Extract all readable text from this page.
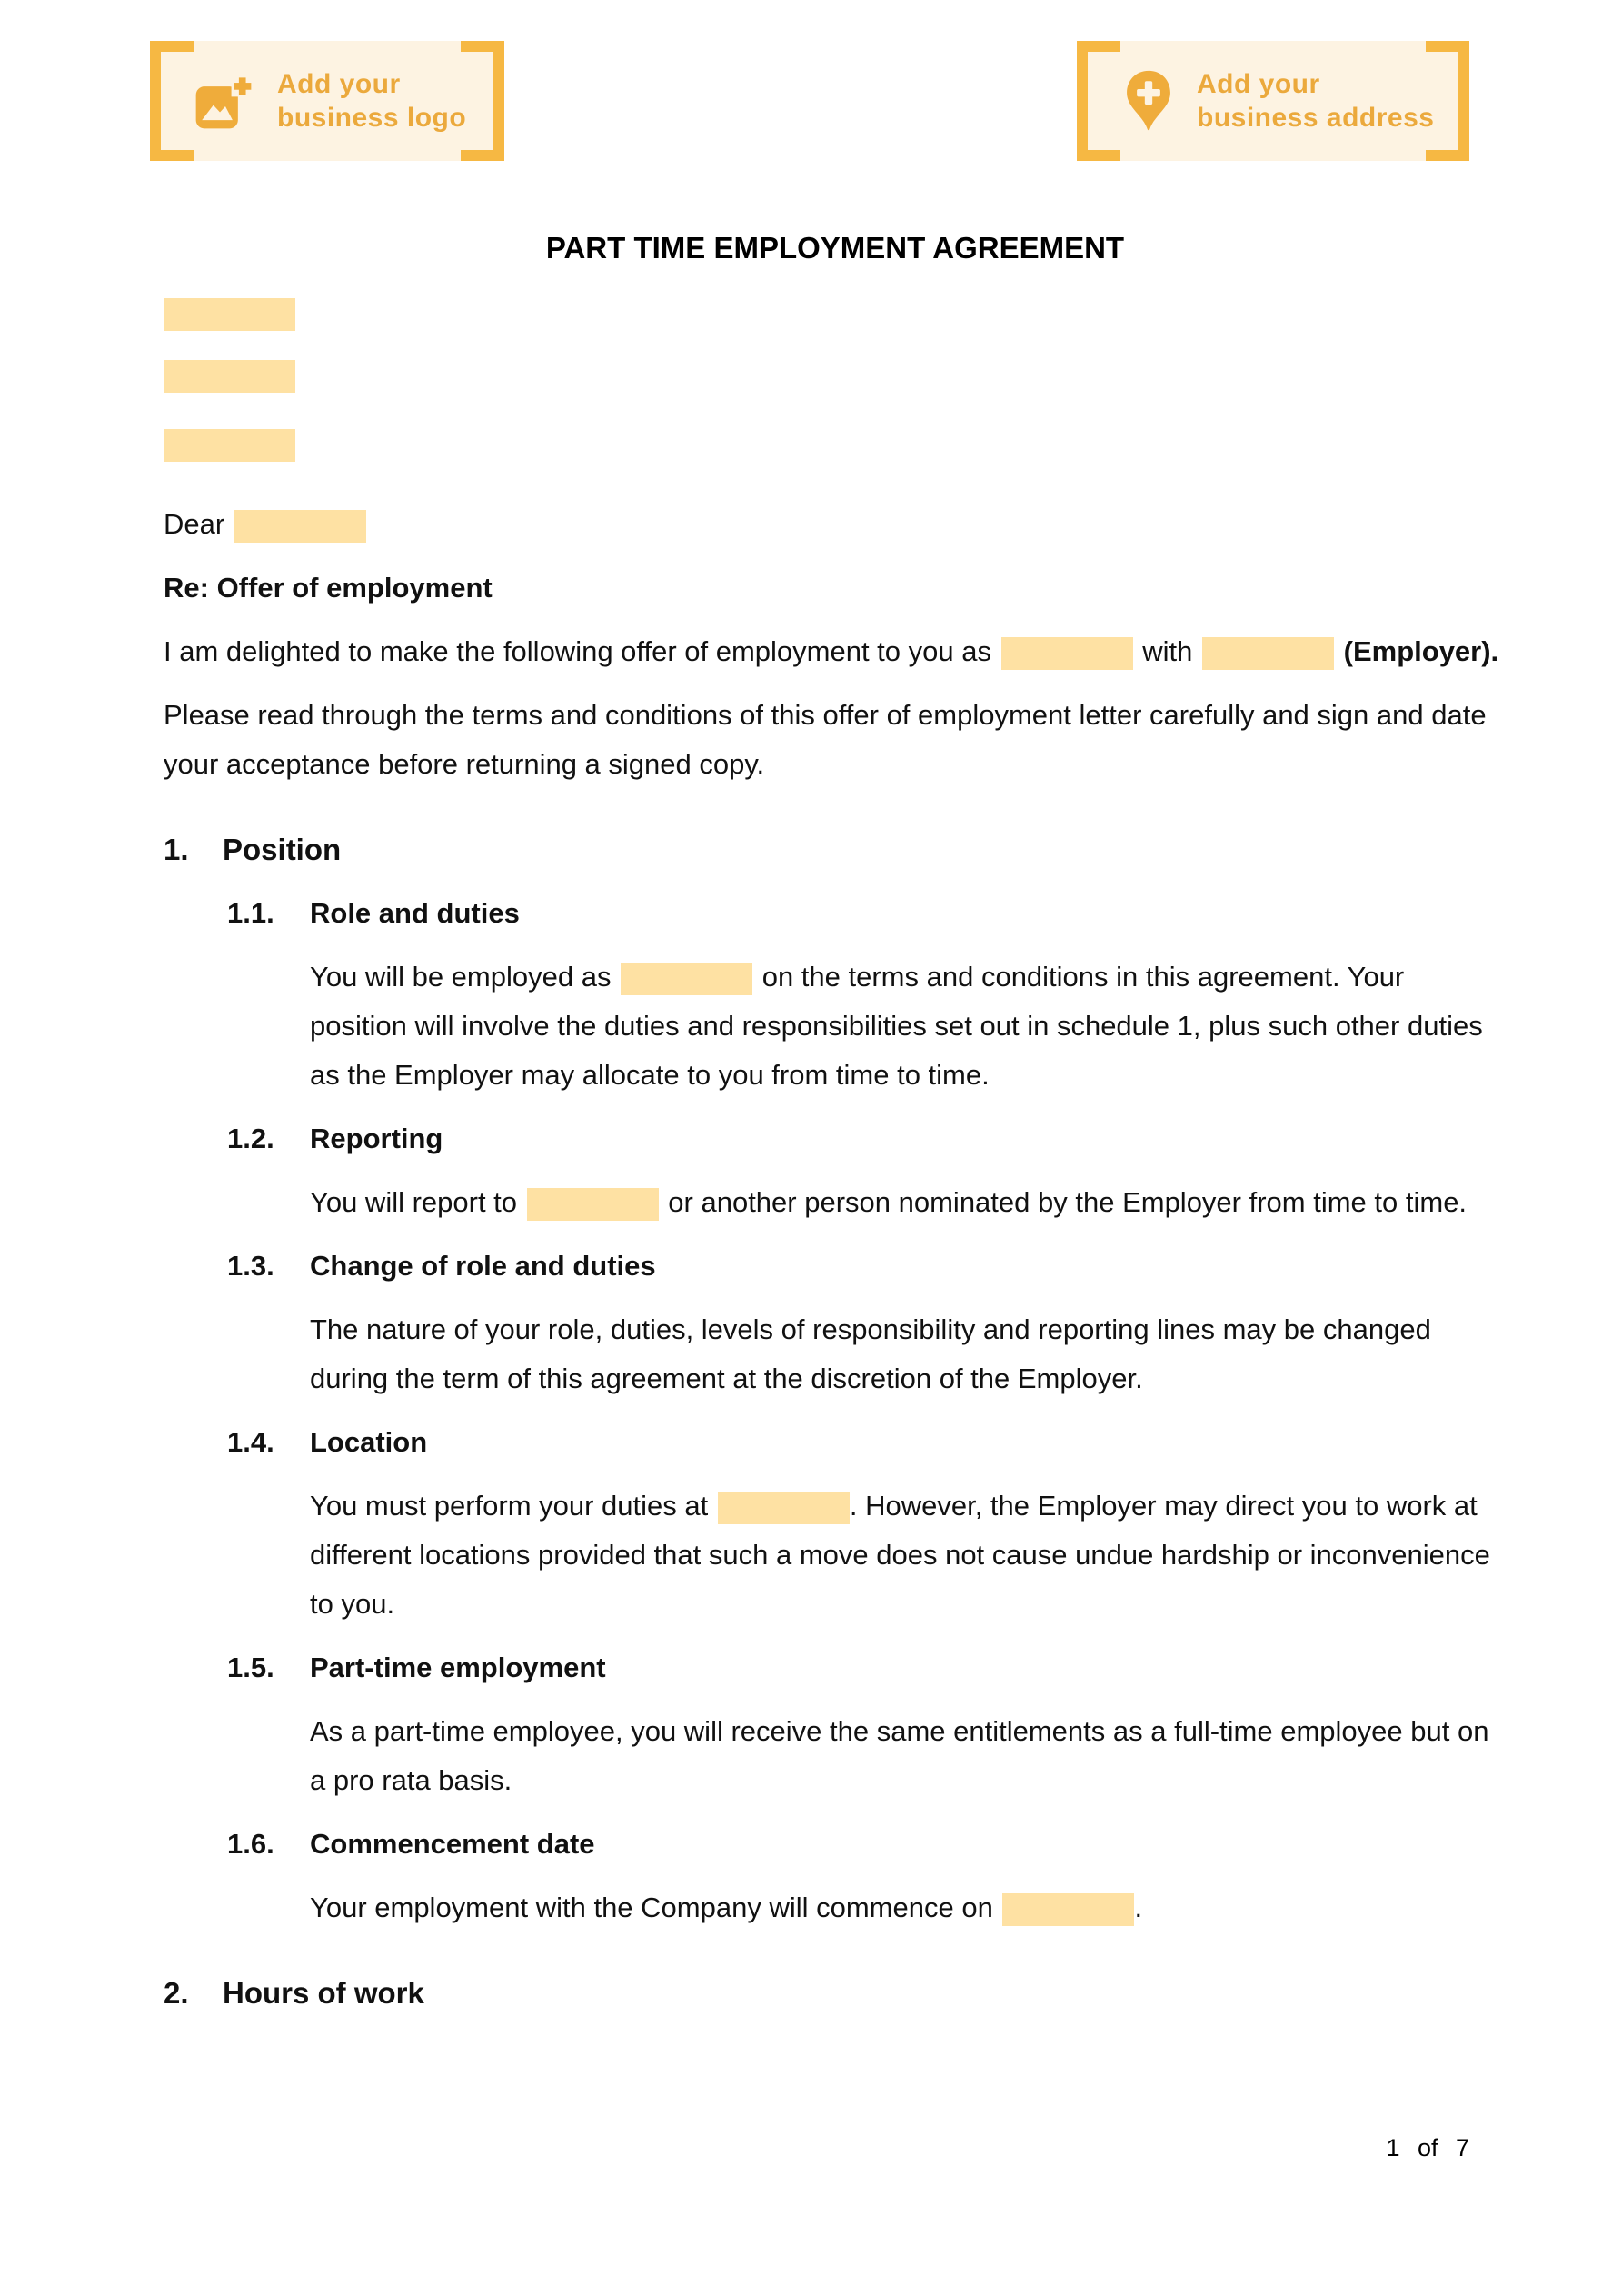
Add your
business logo
Add your
business address
PART TIME EMPLOYMENT AGREEMENT

Dear

Re: Offer of employment

I am delighted to make the following offer of employment to you as	with	(Employer).

Please read through the terms and conditions of this offer of employment letter carefully and sign and date your acceptance before returning a signed copy.

1.	Position
1.1.	Role and duties

You will be employed as	on the terms and conditions in this agreement. Your position will involve the duties and responsibilities set out in schedule 1, plus such other duties as the Employer may allocate to you from time to time.

1.2.	Reporting

You will report to	or another person nominated by the Employer from time to time.

1.3.	Change of role and duties

The nature of your role, duties, levels of responsibility and reporting lines may be changed during the term of this agreement at the discretion of the Employer.

1.4.	Location

You must perform your duties at	. However, the Employer may direct you to work at different locations provided that such a move does not cause undue hardship or inconvenience to you.

1.5.	Part-time employment

As a part-time employee, you will receive the same entitlements as a full-time employee but on a pro rata basis.

1.6.	Commencement date

Your employment with the Company will commence on	.

2.	Hours of work
1 of 7
